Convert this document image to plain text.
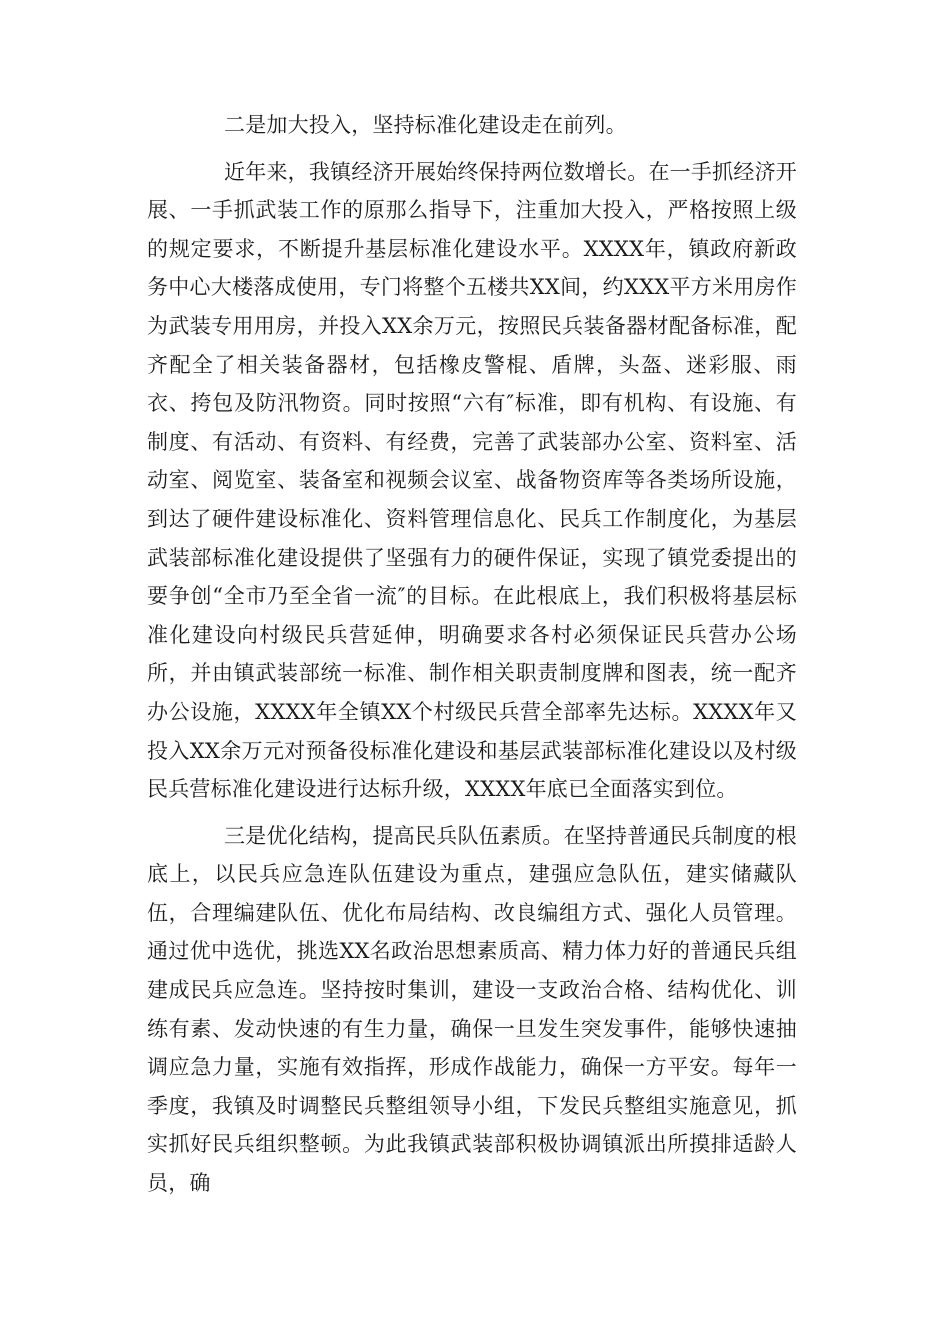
二是加大投入，坚持标准化建设走在前列。

近年来，我镇经济开展始终保持两位数增长。在一手抓经济开展、一手抓武装工作的原那么指导下，注重加大投入，严格按照上级的规定要求，不断提升基层标准化建设水平。XXXX年，镇政府新政务中心大楼落成使用，专门将整个五楼共XX间，约XXX平方米用房作为武装专用用房，并投入XX余万元，按照民兵装备器材配备标准，配齐配全了相关装备器材，包括橡皮警棍、盾牌，头盔、迷彩服、雨衣、挎包及防汛物资。同时按照“六有″标准，即有机构、有设施、有制度、有活动、有资料、有经费，完善了武装部办公室、资料室、活动室、阅览室、装备室和视频会议室、战备物资库等各类场所设施，到达了硬件建设标准化、资料管理信息化、民兵工作制度化，为基层武装部标准化建设提供了坚强有力的硬件保证，实现了镇党委提出的要争创“全市乃至全省一流″的目标。在此根底上，我们积极将基层标准化建设向村级民兵营延伸，明确要求各村必须保证民兵营办公场所，并由镇武装部统一标准、制作相关职责制度牌和图表，统一配齐办公设施，XXXX年全镇XX个村级民兵营全部率先达标。XXXX年又投入XX余万元对预备役标准化建设和基层武装部标准化建设以及村级民兵营标准化建设进行达标升级，XXXX年底已全面落实到位。

三是优化结构，提高民兵队伍素质。在坚持普通民兵制度的根底上，以民兵应急连队伍建设为重点，建强应急队伍，建实储藏队伍，合理编建队伍、优化布局结构、改良编组方式、强化人员管理。通过优中选优，挑选XX名政治思想素质高、精力体力好的普通民兵组建成民兵应急连。坚持按时集训，建设一支政治合格、结构优化、训练有素、发动快速的有生力量，确保一旦发生突发事件，能够快速抽调应急力量，实施有效指挥，形成作战能力，确保一方平安。每年一季度，我镇及时调整民兵整组领导小组，下发民兵整组实施意见，抓实抓好民兵组织整顿。为此我镇武装部积极协调镇派出所摸排适龄人员，确
